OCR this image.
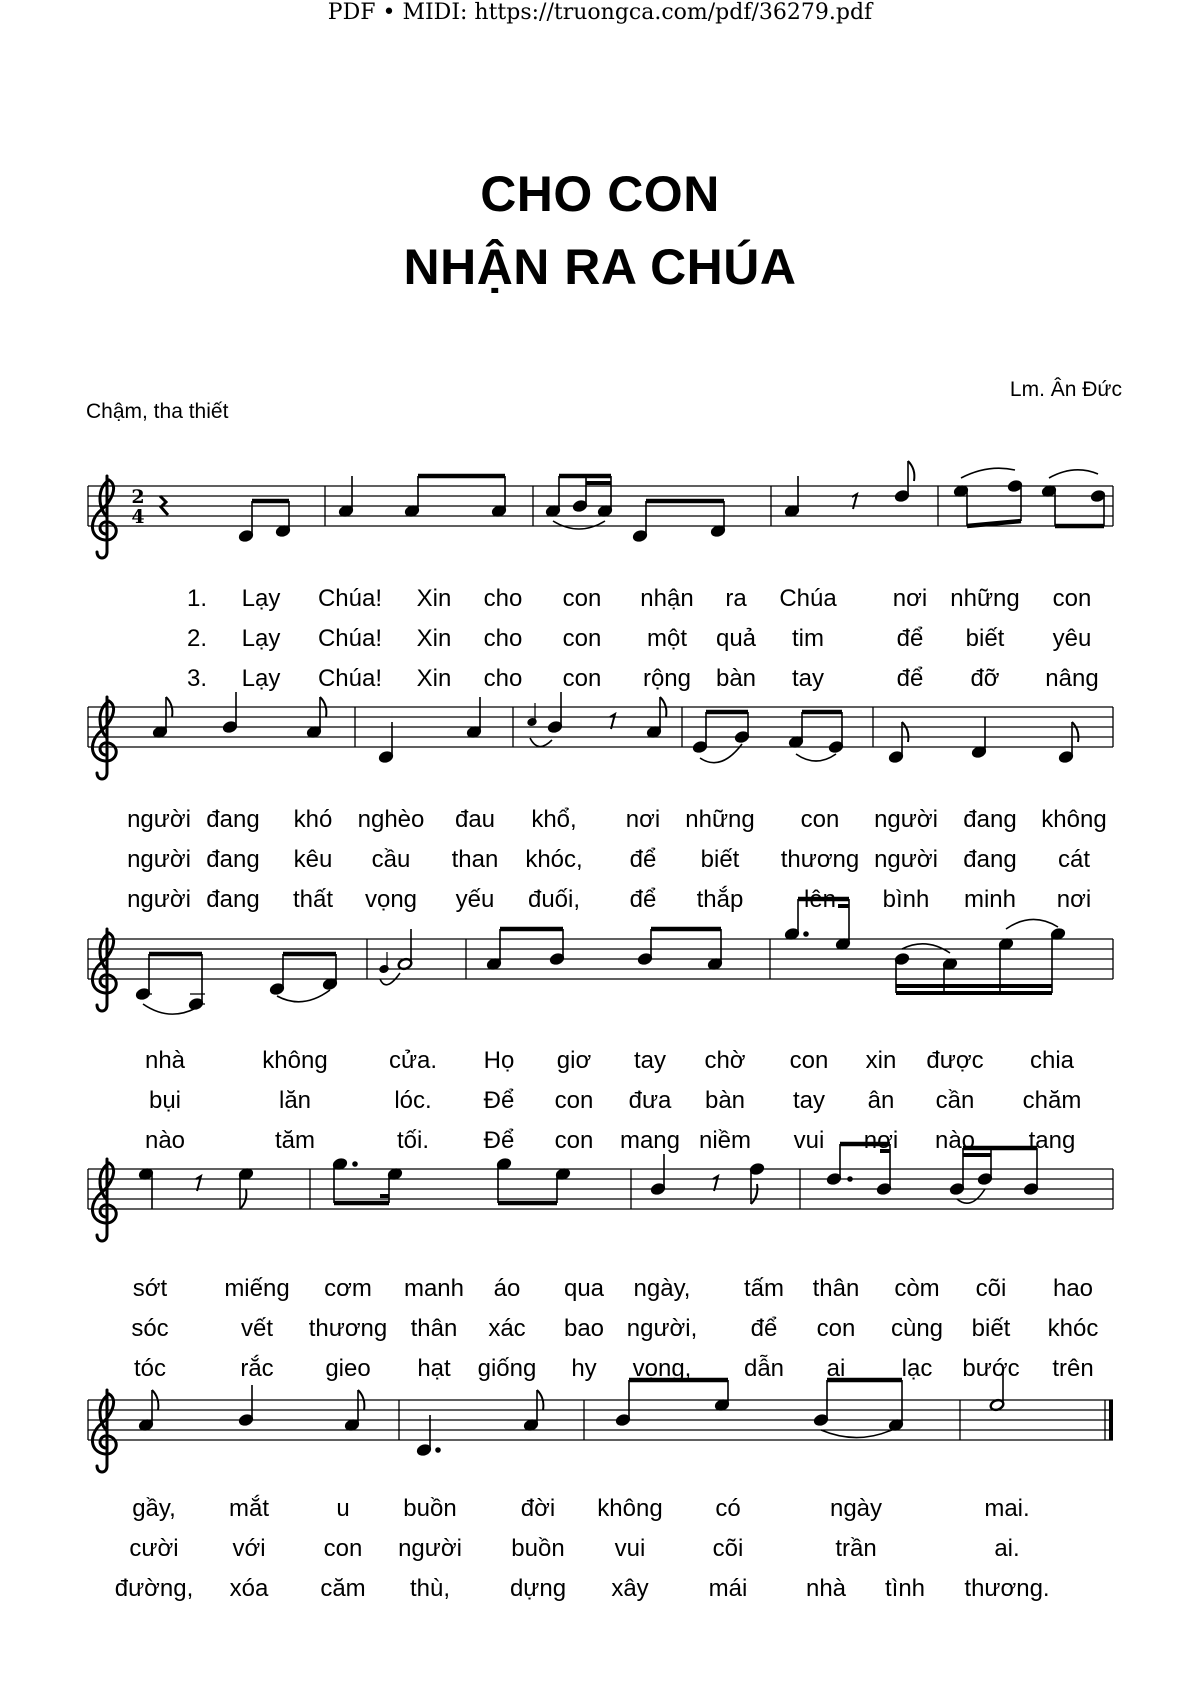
CHO CON
NHẬN RA CHÚA
Chậm, tha thiết
Lm. Ân Đức
PDF • MIDI: https://truongca.com/pdf/36279.pdf
2
4
1. Lạy Chúa! Xin cho con nhận ra Chúa nơi những con
2. Lạy Chúa! Xin cho con một quả tim	để biết yêu
3. Lạy Chúa! Xin cho con rộng bàn tay	để đỡ nâng
người đang khó nghèo đau khổ, nơi những con người đang không
người đang kêu cầu than khóc, để biết thương người đang cát
người đang thất vọng yếu đuối, để thắp	lên bình minh nơi
nhà	không	cửa. Họ giơ tay chờ con xin được chia
bụi	lăn	lóc. Để con đưa bàn tay ân cần chăm
nào	tăm	tối. Để con mang niềm vui nơi nào tang
sớt miếng cơm manh áo qua ngày, tấm thân còm cõi hao
sóc	vết thương thân xác bao người, để con cùng biết khóc
tóc	rắc gieo hạt giống hy vọng, dẫn ai lạc bước trên
gầy, mắt	u buồn	đời không có	ngày	mai.
cười với con người buồn vui	cõi	trần	ai.
đường, xóa căm thù, dựng xây mái nhà tình thương.
